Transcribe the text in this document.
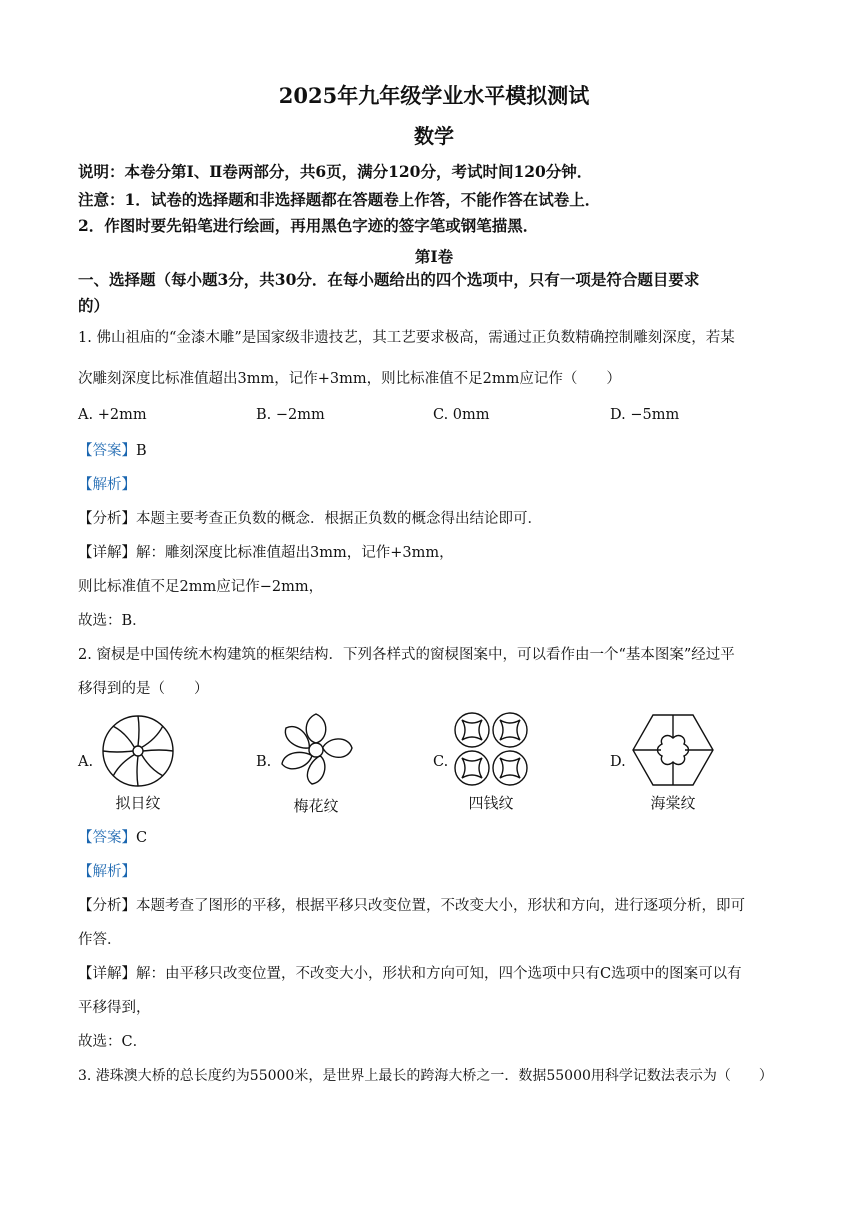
2025年九年级学业水平模拟测试
数学
说明：本卷分第Ⅰ、Ⅱ卷两部分，共6页，满分120分，考试时间120分钟．
注意：1．试卷的选择题和非选择题都在答题卷上作答，不能作答在试卷上．
2．作图时要先铅笔进行绘画，再用黑色字迹的签字笔或钢笔描黑．
第Ⅰ卷
一、选择题（每小题3分，共30分．在每小题给出的四个选项中，只有一项是符合题目要求
的）
1. 佛山祖庙的“金漆木雕”是国家级非遗技艺，其工艺要求极高，需通过正负数精确控制雕刻深度，若某
次雕刻深度比标准值超出3mm，记作+3mm，则比标准值不足2mm应记作（　　）
A. +2mm	B. −2mm	C. 0mm	D. −5mm
【答案】B
【解析】
【分析】本题主要考查正负数的概念．根据正负数的概念得出结论即可．
【详解】解：雕刻深度比标准值超出3mm，记作+3mm，
则比标准值不足2mm应记作−2mm，
故选：B．
2. 窗棂是中国传统木构建筑的框架结构．下列各样式的窗棂图案中，可以看作由一个“基本图案”经过平
移得到的是（　　）
A.
拟日纹
B.
梅花纹
C.
四钱纹
D.
海棠纹
【答案】C
【解析】
【分析】本题考查了图形的平移，根据平移只改变位置，不改变大小，形状和方向，进行逐项分析，即可
作答．
【详解】解：由平移只改变位置，不改变大小，形状和方向可知，四个选项中只有C选项中的图案可以有
平移得到，
故选：C．
3. 港珠澳大桥的总长度约为55000米，是世界上最长的跨海大桥之一．数据55000用科学记数法表示为（　　）
